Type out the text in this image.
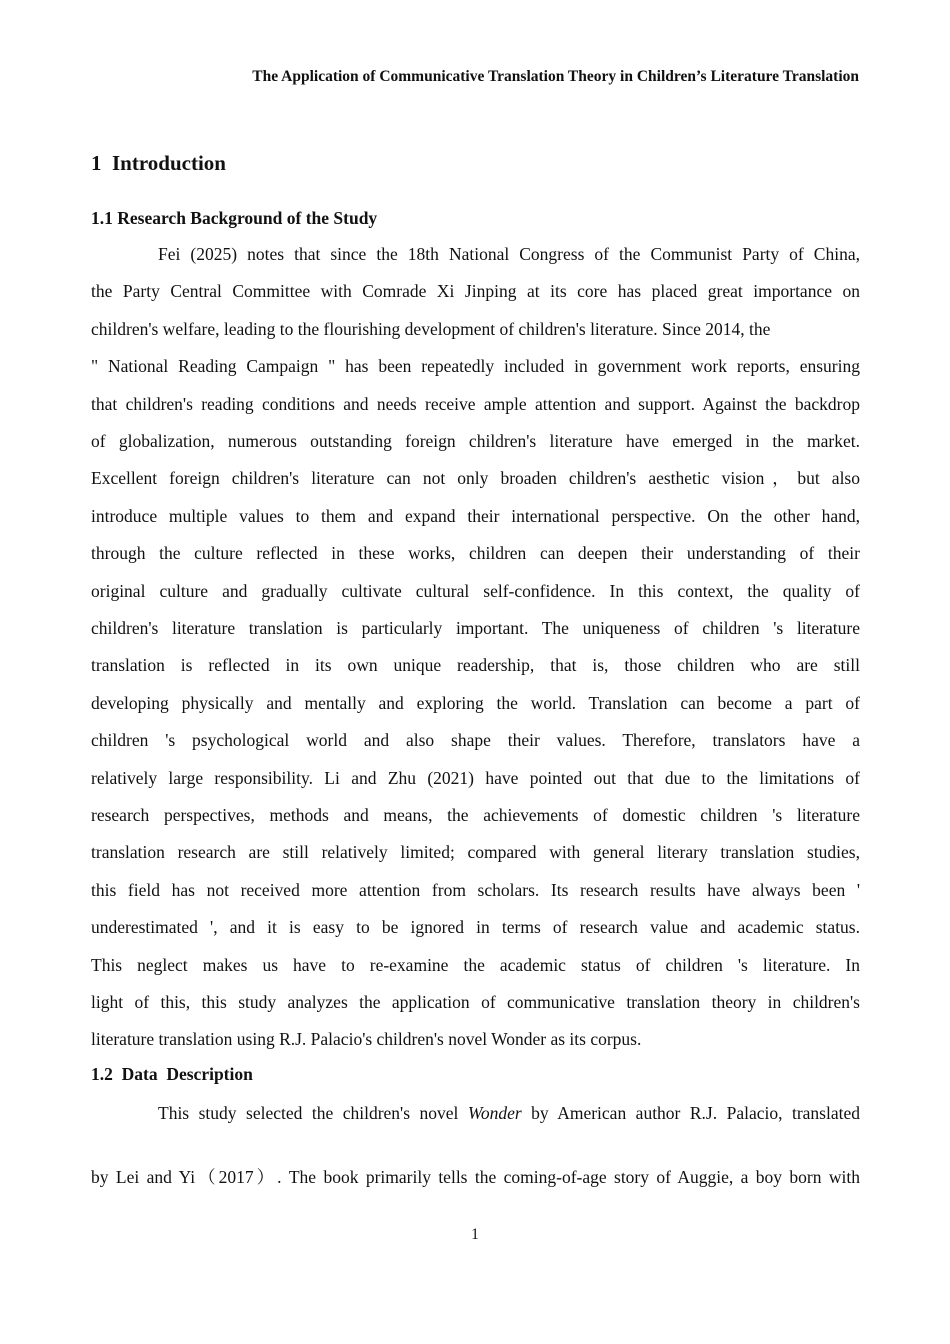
The Application of Communicative Translation Theory in Children’s Literature Translation
1  Introduction
1.1 Research Background of the Study
Fei (2025) notes that since the 18th National Congress of the Communist Party of China,
the Party Central Committee with Comrade Xi Jinping at its core has placed great importance on
children's welfare, leading to the flourishing development of children's literature. Since 2014, the
" National Reading Campaign " has been repeatedly included in government work reports, ensuring
that children's reading conditions and needs receive ample attention and support. Against the backdrop
of globalization, numerous outstanding foreign children's literature have emerged in the market.
Excellent foreign children's literature can not only broaden children's aesthetic vision，but also
introduce multiple values to them and expand their international perspective. On the other hand,
through the culture reflected in these works, children can deepen their understanding of their
original culture and gradually cultivate cultural self-confidence. In this context, the quality of
children's literature translation is particularly important. The uniqueness of children 's literature
translation is reflected in its own unique readership, that is, those children who are still
developing physically and mentally and exploring the world. Translation can become a part of
children 's psychological world and also shape their values. Therefore, translators have a
relatively large responsibility. Li and Zhu (2021) have pointed out that due to the limitations of
research perspectives, methods and means, the achievements of domestic children 's literature
translation research are still relatively limited; compared with general literary translation studies,
this field has not received more attention from scholars. Its research results have always been '
underestimated ', and it is easy to be ignored in terms of research value and academic status.
This neglect makes us have to re-examine the academic status of children 's literature. In
light of this, this study analyzes the application of communicative translation theory in children's
literature translation using R.J. Palacio's children's novel Wonder as its corpus.
1.2  Data  Description
This study selected the children's novel Wonder by American author R.J. Palacio, translated
by Lei and Yi（2017）. The book primarily tells the coming-of-age story of Auggie, a boy born with
1
